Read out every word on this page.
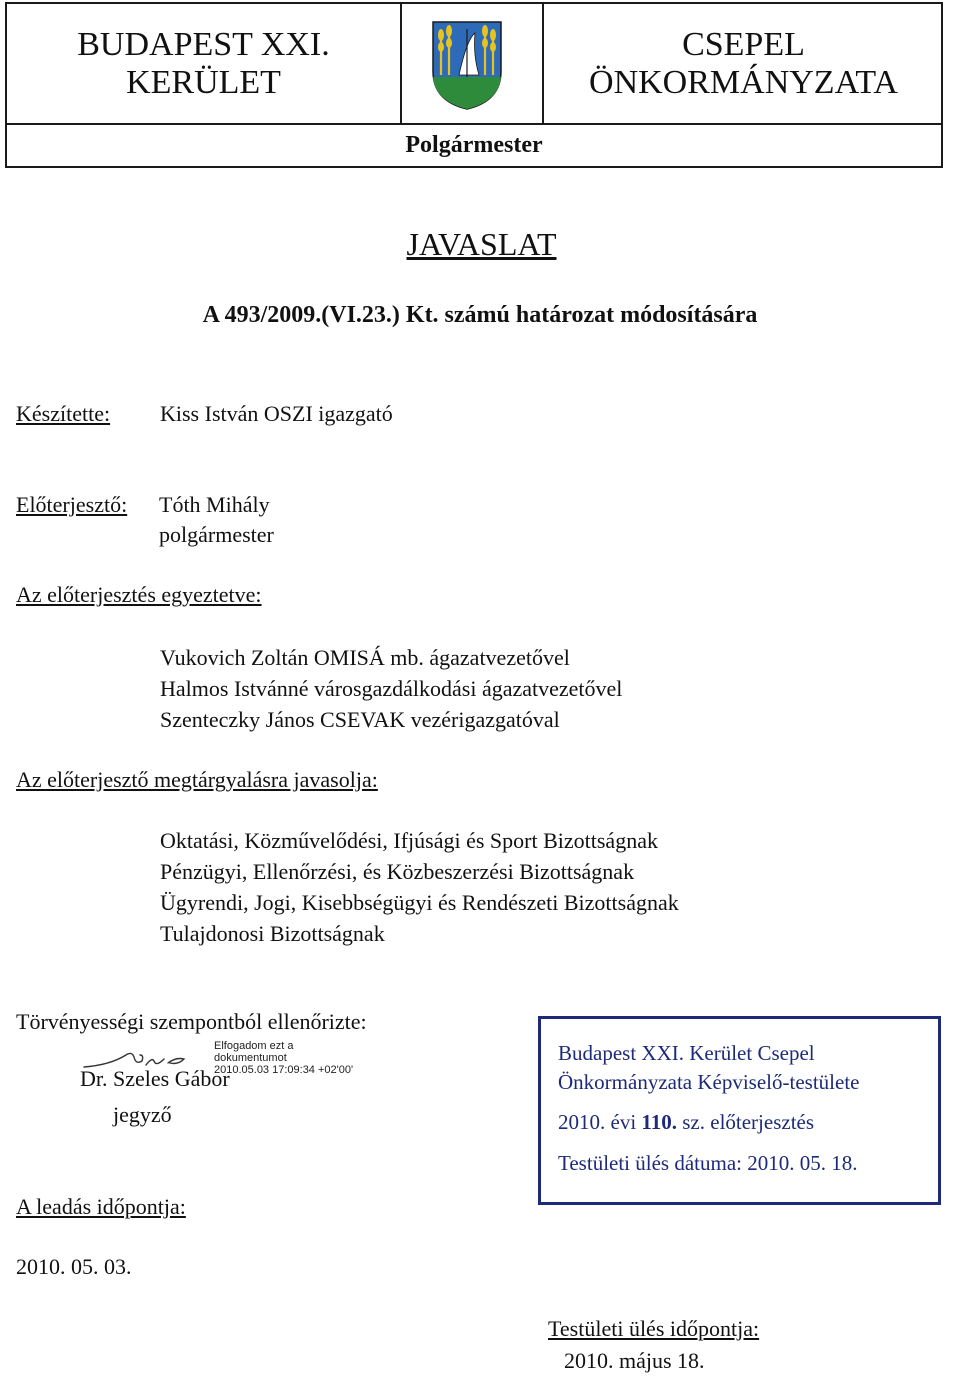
BUDAPEST XXI.
KERÜLET
CSEPEL
ÖNKORMÁNYZATA
Polgármester
JAVASLAT
A 493/2009.(VI.23.) Kt. számú határozat módosítására
Készítette: Kiss István OSZI igazgató
Előterjesztő: Tóth Mihály
polgármester
Az előterjesztés egyeztetve:
Vukovich Zoltán OMISÁ mb. ágazatvezetővel
Halmos Istvánné városgazdálkodási ágazatvezetővel
Szenteczky János CSEVAK vezérigazgatóval
Az előterjesztő megtárgyalásra javasolja:
Oktatási, Közművelődési, Ifjúsági és Sport Bizottságnak
Pénzügyi, Ellenőrzési, és Közbeszerzési Bizottságnak
Ügyrendi, Jogi, Kisebbségügyi és Rendészeti Bizottságnak
Tulajdonosi Bizottságnak
Törvényességi szempontból ellenőrizte:
Dr. Szeles Gábor
Elfogadom ezt a
dokumentumot
2010.05.03 17:09:34 +02'00'
jegyző
A leadás időpontja:
2010. 05. 03.
Budapest XXI. Kerület Csepel
Önkormányzata Képviselő-testülete
2010. évi 110. sz. előterjesztés
Testületi ülés dátuma: 2010. 05. 18.
Testületi ülés időpontja:
2010. május 18.
